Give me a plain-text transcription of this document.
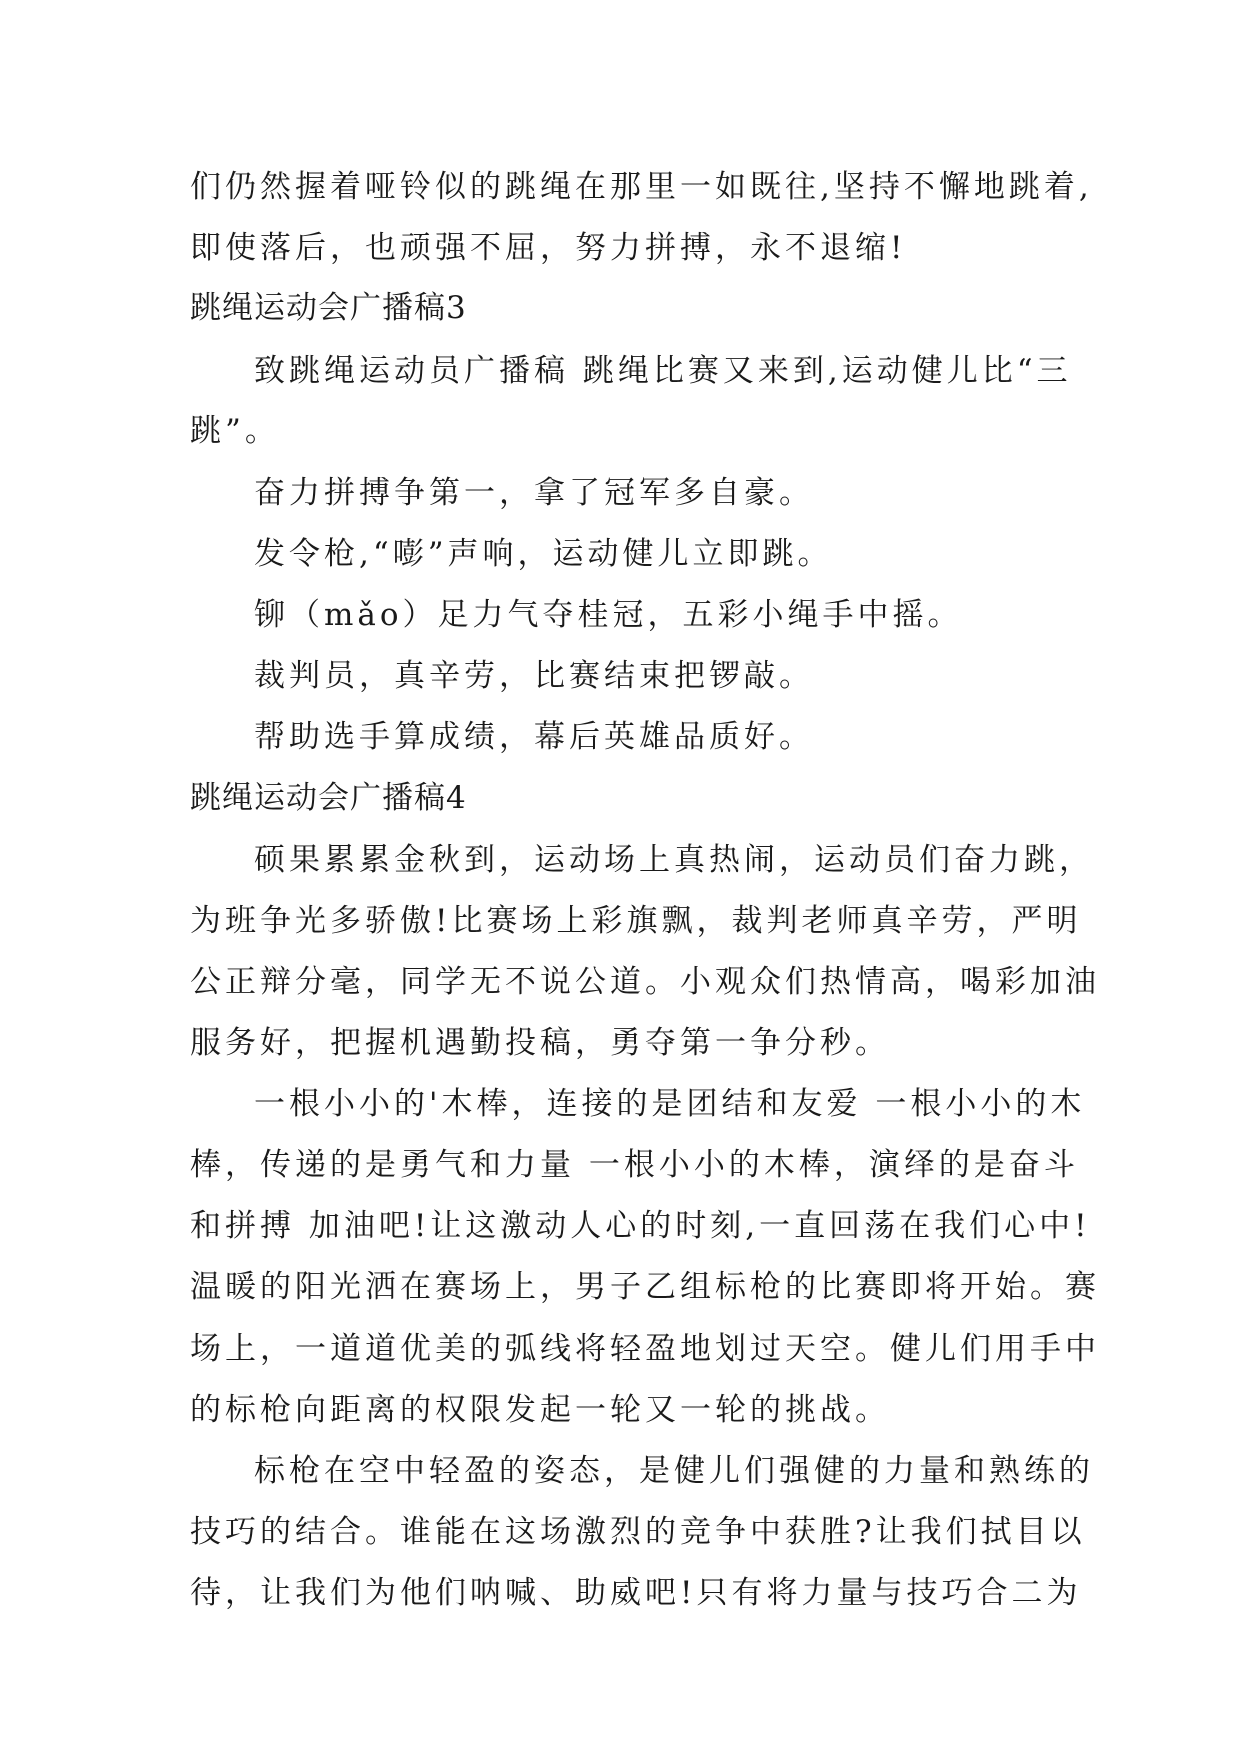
们仍然握着哑铃似的跳绳在那里一如既往,坚持不懈地跳着,
即使落后，也顽强不屈，努力拼搏，永不退缩!
跳绳运动会广播稿3
致跳绳运动员广播稿 跳绳比赛又来到,运动健儿比“三
跳”。
奋力拼搏争第一，拿了冠军多自豪。
发令枪,“嘭”声响，运动健儿立即跳。
铆（mǎo）足力气夺桂冠，五彩小绳手中摇。
裁判员，真辛劳，比赛结束把锣敲。
帮助选手算成绩，幕后英雄品质好。
跳绳运动会广播稿4
硕果累累金秋到，运动场上真热闹，运动员们奋力跳，
为班争光多骄傲!比赛场上彩旗飘，裁判老师真辛劳，严明
公正辩分毫，同学无不说公道。小观众们热情高，喝彩加油
服务好，把握机遇勤投稿，勇夺第一争分秒。
一根小小的'木棒，连接的是团结和友爱 一根小小的木
棒，传递的是勇气和力量 一根小小的木棒，演绎的是奋斗
和拼搏 加油吧!让这激动人心的时刻,一直回荡在我们心中!
温暖的阳光洒在赛场上，男子乙组标枪的比赛即将开始。赛
场上，一道道优美的弧线将轻盈地划过天空。健儿们用手中
的标枪向距离的权限发起一轮又一轮的挑战。
标枪在空中轻盈的姿态，是健儿们强健的力量和熟练的
技巧的结合。谁能在这场激烈的竞争中获胜?让我们拭目以
待，让我们为他们呐喊、助威吧!只有将力量与技巧合二为
